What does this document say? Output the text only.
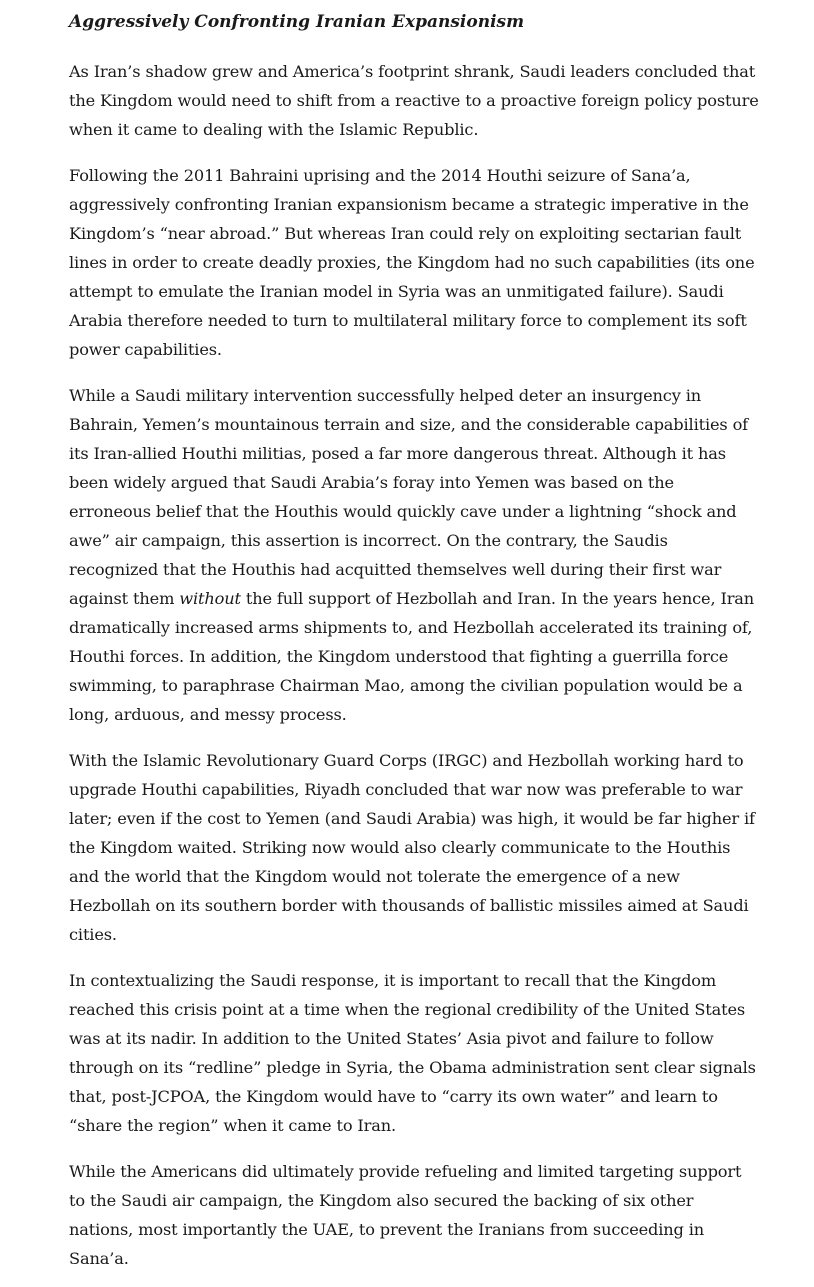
Aggressively Confronting Iranian Expansionism

As Iran’s shadow grew and America’s footprint shrank, Saudi leaders concluded that the Kingdom would need to shift from a reactive to a proactive foreign policy posture when it came to dealing with the Islamic Republic.

Following the 2011 Bahraini uprising and the 2014 Houthi seizure of Sana’a, aggressively confronting Iranian expansionism became a strategic imperative in the Kingdom’s “near abroad.” But whereas Iran could rely on exploiting sectarian fault lines in order to create deadly proxies, the Kingdom had no such capabilities (its one attempt to emulate the Iranian model in Syria was an unmitigated failure). Saudi Arabia therefore needed to turn to multilateral military force to complement its soft power capabilities.

While a Saudi military intervention successfully helped deter an insurgency in Bahrain, Yemen’s mountainous terrain and size, and the considerable capabilities of its Iran-allied Houthi militias, posed a far more dangerous threat. Although it has been widely argued that Saudi Arabia’s foray into Yemen was based on the erroneous belief that the Houthis would quickly cave under a lightning “shock and awe” air campaign, this assertion is incorrect. On the contrary, the Saudis recognized that the Houthis had acquitted themselves well during their first war against them without the full support of Hezbollah and Iran. In the years hence, Iran dramatically increased arms shipments to, and Hezbollah accelerated its training of, Houthi forces. In addition, the Kingdom understood that fighting a guerrilla force swimming, to paraphrase Chairman Mao, among the civilian population would be a long, arduous, and messy process.

With the Islamic Revolutionary Guard Corps (IRGC) and Hezbollah working hard to upgrade Houthi capabilities, Riyadh concluded that war now was preferable to war later; even if the cost to Yemen (and Saudi Arabia) was high, it would be far higher if the Kingdom waited. Striking now would also clearly communicate to the Houthis and the world that the Kingdom would not tolerate the emergence of a new Hezbollah on its southern border with thousands of ballistic missiles aimed at Saudi cities.

In contextualizing the Saudi response, it is important to recall that the Kingdom reached this crisis point at a time when the regional credibility of the United States was at its nadir. In addition to the United States’ Asia pivot and failure to follow through on its “redline” pledge in Syria, the Obama administration sent clear signals that, post-JCPOA, the Kingdom would have to “carry its own water” and learn to “share the region” when it came to Iran.

While the Americans did ultimately provide refueling and limited targeting support to the Saudi air campaign, the Kingdom also secured the backing of six other nations, most importantly the UAE, to prevent the Iranians from succeeding in Sana’a.
